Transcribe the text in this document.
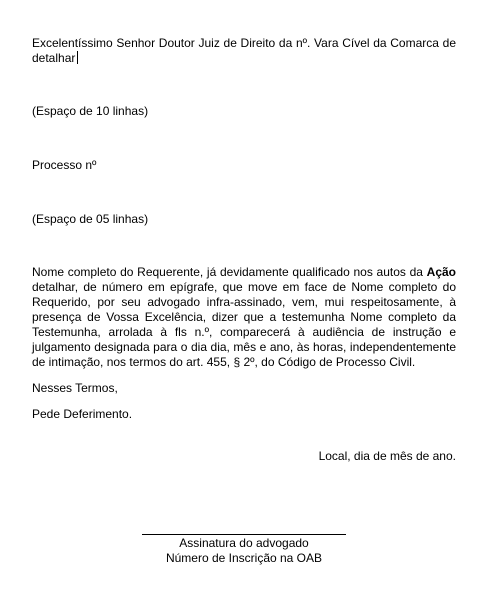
Excelentíssimo Senhor Doutor Juiz de Direito da nº. Vara Cível da Comarca de detalhar
(Espaço de 10 linhas)
Processo nº
(Espaço de 05 linhas)
Nome completo do Requerente, já devidamente qualificado nos autos da Ação detalhar, de número em epígrafe, que move em face de Nome completo do Requerido, por seu advogado infra-assinado, vem, mui respeitosamente, à presença de Vossa Excelência, dizer que a testemunha Nome completo da Testemunha, arrolada à fls n.º, comparecerá à audiência de instrução e julgamento designada para o dia dia, mês e ano, às horas, independentemente de intimação, nos termos do art. 455, § 2º, do Código de Processo Civil.
Nesses Termos,
Pede Deferimento.
Local, dia de mês de ano.
Assinatura do advogado
Número de Inscrição na OAB
